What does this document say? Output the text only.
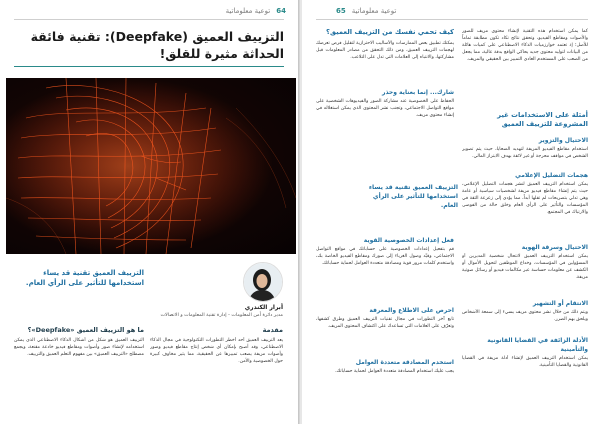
64
توعية معلوماتية
التزييف العميق (Deepfake): تقنية فائقة الحداثة مثيرة للقلق!
أبرار الكندري
مدير دائرة أمن المعلومات - إدارة تقنية المعلومات و الاتصالات
مقدمة
يعد التزييف العميق أحد أخطر التطورات التكنولوجية في مجال الذكاء الاصطناعي، وقد أصبح بإمكان أي شخص إنتاج مقاطع فيديو وصور وأصوات مزيفة يصعب تمييزها عن الحقيقية، مما يثير مخاوف كبيرة حول الخصوصية والأمن.
ما هو التزييف العميق «Deepfake»؟
التزييف العميق هو شكل من أشكال الذكاء الاصطناعي الذي يمكن استخدامه لإنشاء صور وأصوات ومقاطع فيديو خادعة مقنعة، ويجمع مصطلح «التزييف العميق» بين مفهوم التعلم العميق والتزييف.
التزييف العميق تقنية قد يساء استخدامها للتأثير على الرأي العام.
توعية معلوماتية
65
كما يمكن استخدام هذه التقنية لإنشاء محتوى مزيف للصور والأصوات ومقاطع الفيديو، وتحقق نتائج تكاد تكون مطابقة تماماً للأصل؛ إذ تعتمد خوارزميات الذكاء الاصطناعي على كميات هائلة من البيانات لتوليد محتوى جديد يحاكي الواقع بدقة عالية، مما يجعل من الصعب على المستخدم العادي التمييز بين الحقيقي والمزيف.
أمثلة على الاستخدامات غير المشروعة للتزييف العميق
الاحتيال والتزوير
استخدام مقاطع الفيديو المزيفة لتهديد الضحايا، حيث يتم تصوير الشخص في مواقف محرجة أو غير لائقة بهدف الابتزاز المالي.
هجمات التضليل الإعلامي
يمكن استخدام التزييف العميق لنشر هجمات التضليل الإعلامي، حيث يتم إنشاء مقاطع فيديو مزيفة لشخصيات سياسية أو عامة وهي تدلي بتصريحات لم تقلها أبداً، مما يؤدي إلى زعزعة الثقة في المؤسسات والتأثير على الرأي العام وخلق حالة من الفوضى والارتباك في المجتمع.
الاحتيال وسرقة الهوية
يمكن استخدام التزييف العميق لانتحال شخصية المديرين أو المسؤولين في المؤسسات، وخداع الموظفين لتحويل الأموال أو الكشف عن معلومات حساسة عبر مكالمات فيديو أو رسائل صوتية مزيفة.
الانتقام أو التشهير
ويتم ذلك من خلال نشر محتوى مزيف يسيء إلى سمعة الأشخاص ويلحق بهم الضرر.
الأدلة الزائفة في القضايا القانونية والتأمينية
يمكن استخدام التزييف العميق لإنشاء أدلة مزيفة في القضايا القانونية والقضايا التأمينية.
كيف تحمي نفسك من التزييف العميق؟
يمكنك تطبيق بعض الممارسات والأساليب الاحترازية لتقليل فرص تعرضك لهجمات التزييف العميق، ومن ذلك التحقق من مصادر المعلومات قبل مشاركتها، والانتباه إلى العلامات التي تدل على التلاعب.
شارك... إنما بعناية وحذر
الحفاظ على الخصوصية عند مشاركة الصور والفيديوهات الشخصية على مواقع التواصل الاجتماعي، وتجنب نشر المحتوى الذي يمكن استغلاله في إنشاء محتوى مزيف.
التزييف العميق تقنية قد يساء استخدامها للتأثير على الرأي العام.
فعل إعدادات الخصوصية القوية
قم بتفعيل إعدادات الخصوصية على حساباتك في مواقع التواصل الاجتماعي، وقيّد وصول الغرباء إلى صورك ومقاطع الفيديو الخاصة بك، واستخدم كلمات مرور قوية ومصادقة متعددة العوامل لحماية حساباتك.
احرص على الاطلاع والمعرفة
تابع آخر التطورات في مجال تقنيات التزييف العميق وطرق كشفها، وتعرّف على العلامات التي تساعدك على اكتشاف المحتوى المزيف.
استخدم المصادقة متعددة العوامل
يجب عليك استخدام المصادقة متعددة العوامل لحماية حساباتك.
